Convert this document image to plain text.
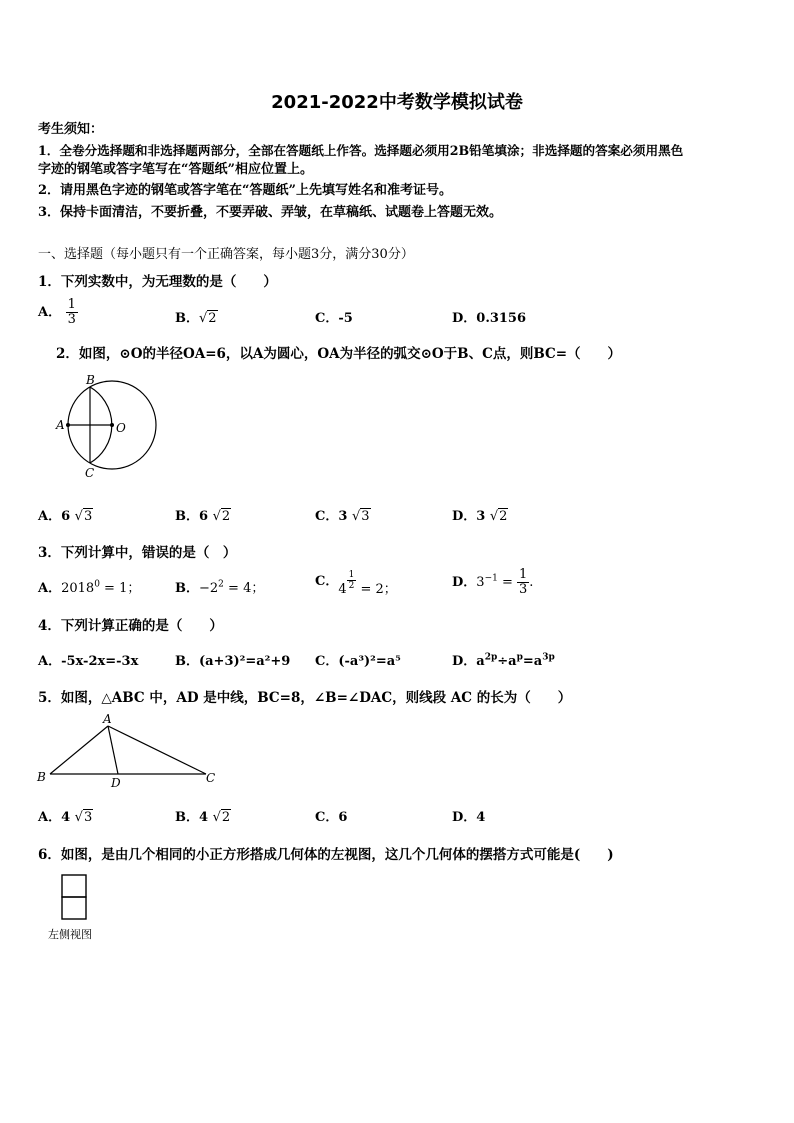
2021-2022中考数学模拟试卷
考生须知：
1．全卷分选择题和非选择题两部分，全部在答题纸上作答。选择题必须用2B铅笔填涂；非选择题的答案必须用黑色
字迹的钢笔或答字笔写在“答题纸”相应位置上。
2．请用黑色字迹的钢笔或答字笔在“答题纸”上先填写姓名和准考证号。
3．保持卡面清洁，不要折叠，不要弄破、弄皱，在草稿纸、试题卷上答题无效。
一、选择题（每小题只有一个正确答案，每小题3分，满分30分）
1．下列实数中，为无理数的是（　　）
A． $\frac{1}{3}$	B．√2	C．-5	D．0.3156
2．如图，⊙O的半径OA=6，以A为圆心，OA为半径的弧交⊙O于B、C点，则BC=（　　）
B
A	O
C
A．6 √3	B．6 √2	C．3 √3	D．3 √2
3．下列计算中，错误的是（　）
A．$2018^0 = 1$；	B．$-2^2 = 4$；	C．$4 \frac{1}{2} = 2$；	D．$3^{-1} = \frac{1}{3}$ .
4．下列计算正确的是（　　）
A．-5x-2x=-3x	B．(a+3)²=a²+9 C．(-a³)²=a⁵	D．$a^{2p}\div a^p=a^{3p}$
5．如图，△ABC 中，AD 是中线，BC=8，∠B=∠DAC，则线段 AC 的长为（　　）
A
B	D	C
A．4 √3	B．4 √2	C．6	D．4
6．如图，是由几个相同的小正方形搭成几何体的左视图，这几个几何体的摆搭方式可能是(　　)
左侧视图
